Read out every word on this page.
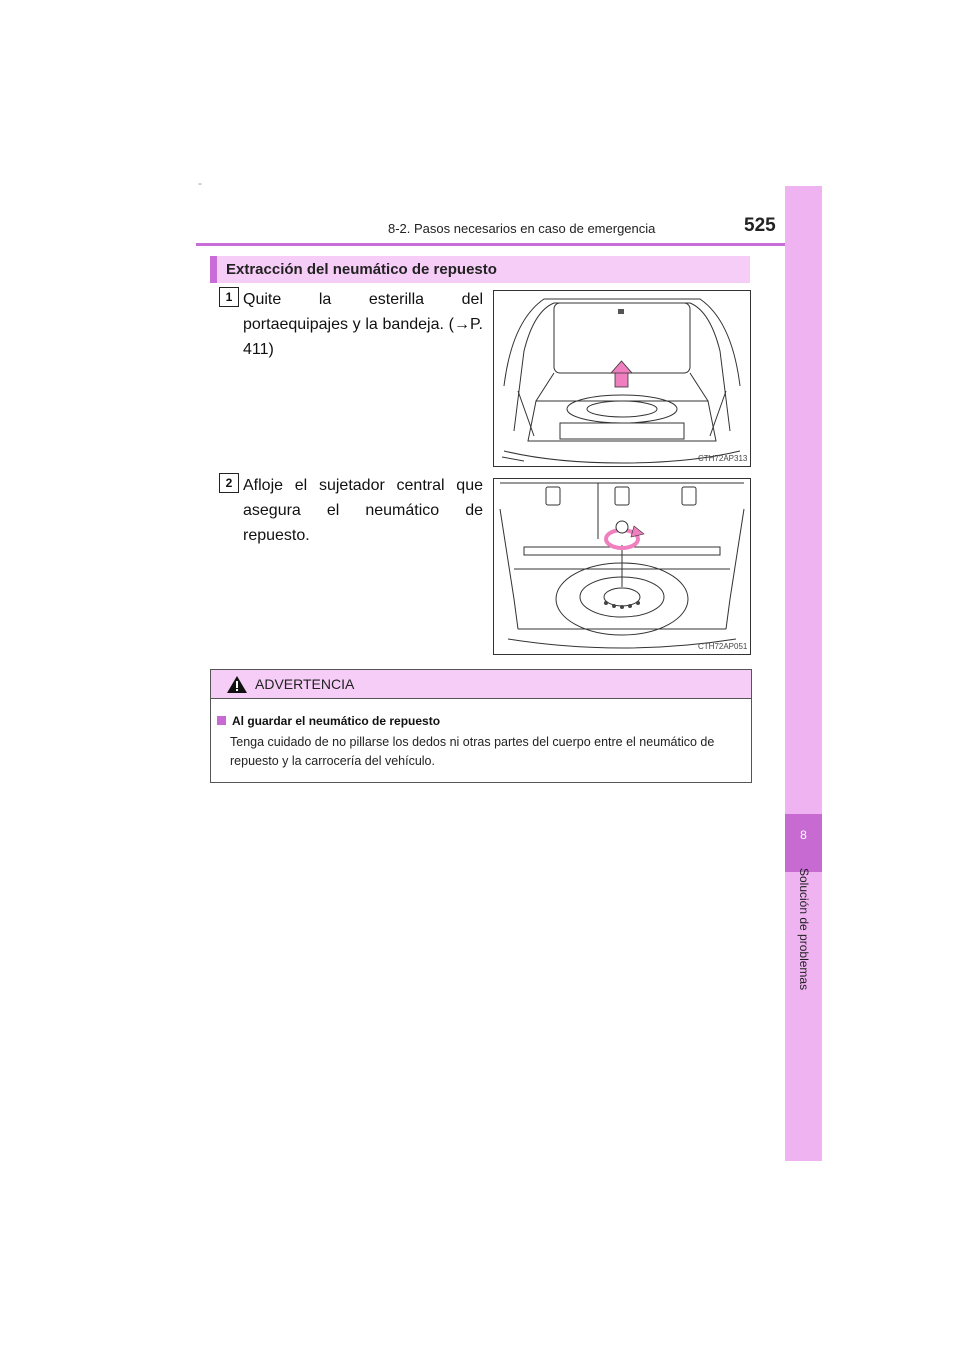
-
8-2. Pasos necesarios en caso de emergencia	525
8
Solución de problemas
Extracción del neumático de repuesto
1 Quite la esterilla del portaequipajes y la bandeja. (→P. 411)
CTH72AP313
2 Afloje el sujetador central que asegura el neumático de repuesto.
CTH72AP051
ADVERTENCIA
Al guardar el neumático de repuesto
Tenga cuidado de no pillarse los dedos ni otras partes del cuerpo entre el neumático de repuesto y la carrocería del vehículo.
